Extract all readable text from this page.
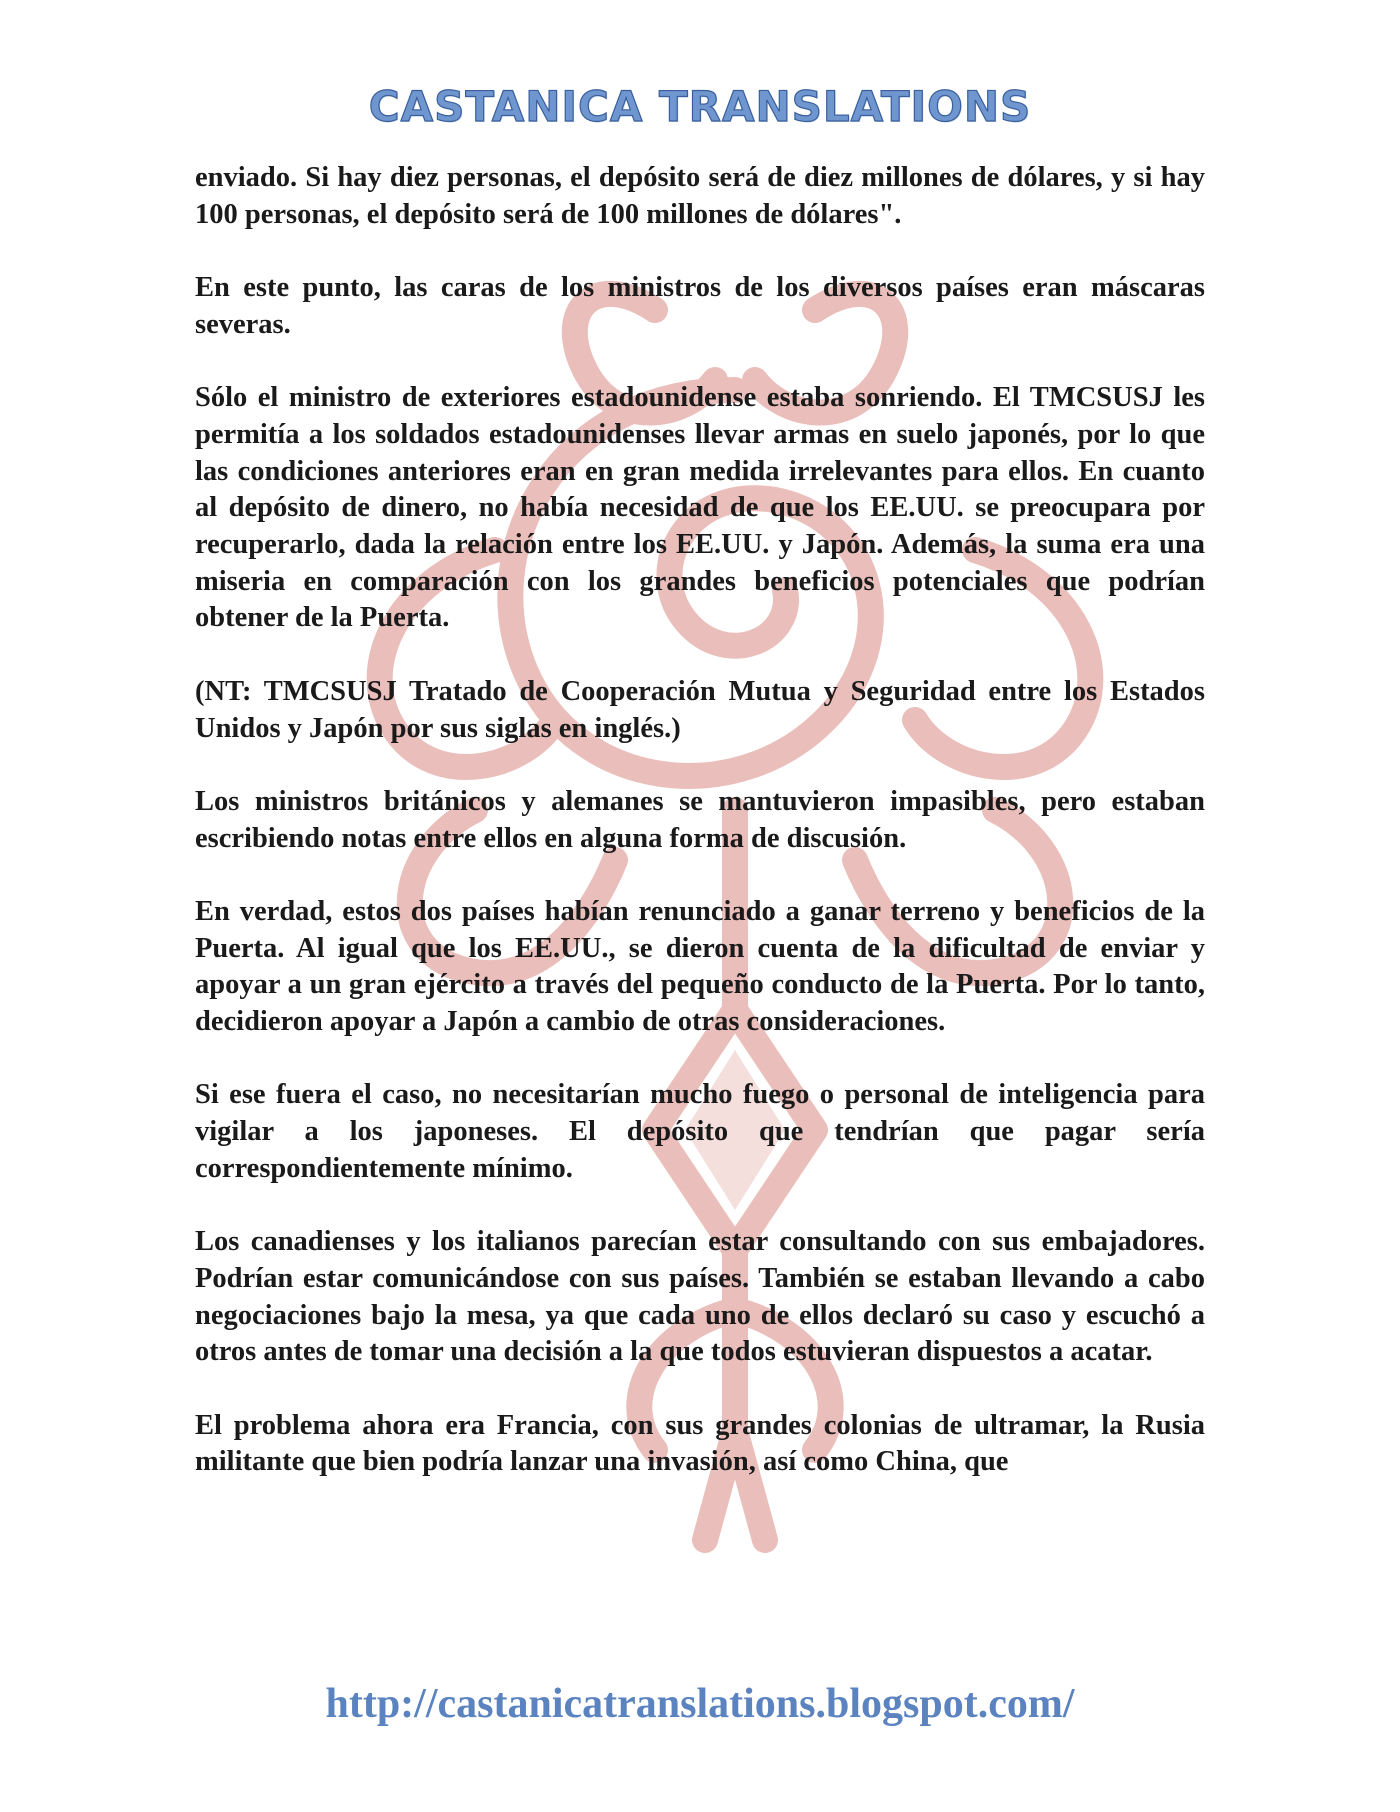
CASTANICA TRANSLATIONS

enviado. Si hay diez personas, el depósito será de diez millones de dólares, y si hay 100 personas, el depósito será de 100 millones de dólares".

En este punto, las caras de los ministros de los diversos países eran máscaras severas.

Sólo el ministro de exteriores estadounidense estaba sonriendo. El TMCSUSJ les permitía a los soldados estadounidenses llevar armas en suelo japonés, por lo que las condiciones anteriores eran en gran medida irrelevantes para ellos. En cuanto al depósito de dinero, no había necesidad de que los EE.UU. se preocupara por recuperarlo, dada la relación entre los EE.UU. y Japón. Además, la suma era una miseria en comparación con los grandes beneficios potenciales que podrían obtener de la Puerta.

(NT: TMCSUSJ Tratado de Cooperación Mutua y Seguridad entre los Estados Unidos y Japón por sus siglas en inglés.)

Los ministros británicos y alemanes se mantuvieron impasibles, pero estaban escribiendo notas entre ellos en alguna forma de discusión.

En verdad, estos dos países habían renunciado a ganar terreno y beneficios de la Puerta. Al igual que los EE.UU., se dieron cuenta de la dificultad de enviar y apoyar a un gran ejército a través del pequeño conducto de la Puerta. Por lo tanto, decidieron apoyar a Japón a cambio de otras consideraciones.

Si ese fuera el caso, no necesitarían mucho fuego o personal de inteligencia para vigilar a los japoneses. El depósito que tendrían que pagar sería correspondientemente mínimo.

Los canadienses y los italianos parecían estar consultando con sus embajadores. Podrían estar comunicándose con sus países. También se estaban llevando a cabo negociaciones bajo la mesa, ya que cada uno de ellos declaró su caso y escuchó a otros antes de tomar una decisión a la que todos estuvieran dispuestos a acatar.

El problema ahora era Francia, con sus grandes colonias de ultramar, la Rusia militante que bien podría lanzar una invasión, así como China, que

http://castanicatranslations.blogspot.com/
